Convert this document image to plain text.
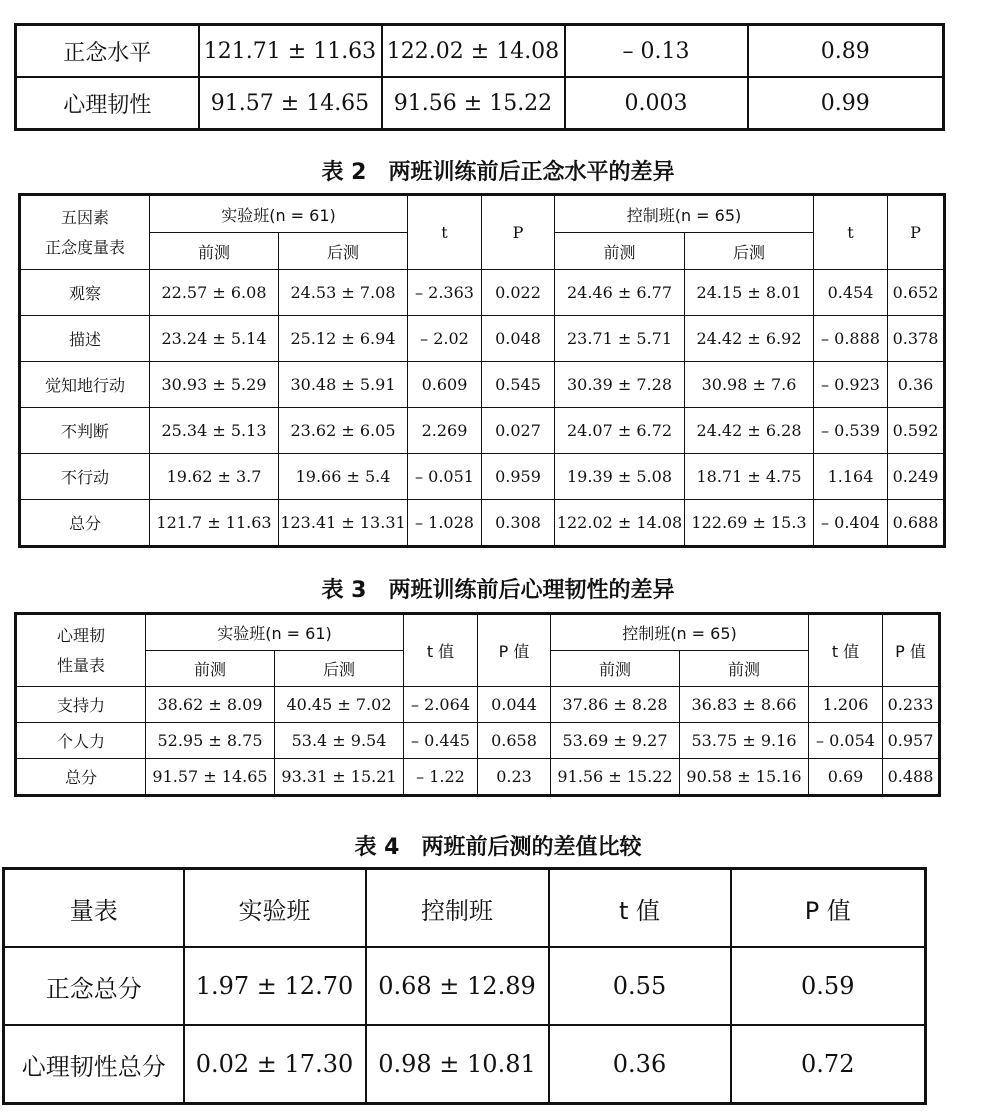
正念水平	121.71 ± 11.63	122.02 ± 14.08	– 0.13	0.89
心理韧性	91.57 ± 14.65	91.56 ± 15.22	0.003	0.99
表 2　两班训练前后正念水平的差异
五因素
正念度量表	实验班(n = 61)		t	P	控制班(n = 65)		t	P
	前测	后测			前测	后测		
观察	22.57 ± 6.08	24.53 ± 7.08	– 2.363	0.022	24.46 ± 6.77	24.15 ± 8.01	0.454	0.652
描述	23.24 ± 5.14	25.12 ± 6.94	– 2.02	0.048	23.71 ± 5.71	24.42 ± 6.92	– 0.888	0.378
觉知地行动	30.93 ± 5.29	30.48 ± 5.91	0.609	0.545	30.39 ± 7.28	30.98 ± 7.6	– 0.923	0.36
不判断	25.34 ± 5.13	23.62 ± 6.05	2.269	0.027	24.07 ± 6.72	24.42 ± 6.28	– 0.539	0.592
不行动	19.62 ± 3.7	19.66 ± 5.4	– 0.051	0.959	19.39 ± 5.08	18.71 ± 4.75	1.164	0.249
总分	121.7 ± 11.63	123.41 ± 13.31	– 1.028	0.308	122.02 ± 14.08	122.69 ± 15.3	– 0.404	0.688
表 3　两班训练前后心理韧性的差异
心理韧
性量表	实验班(n = 61)		t 值	P 值	控制班(n = 65)		t 值	P 值
	前测	后测			前测	前测		
支持力	38.62 ± 8.09	40.45 ± 7.02	– 2.064	0.044	37.86 ± 8.28	36.83 ± 8.66	1.206	0.233
个人力	52.95 ± 8.75	53.4 ± 9.54	– 0.445	0.658	53.69 ± 9.27	53.75 ± 9.16	– 0.054	0.957
总分	91.57 ± 14.65	93.31 ± 15.21	– 1.22	0.23	91.56 ± 15.22	90.58 ± 15.16	0.69	0.488
表 4　两班前后测的差值比较
量表	实验班	控制班	t 值	P 值
正念总分	1.97 ± 12.70	0.68 ± 12.89	0.55	0.59
心理韧性总分	0.02 ± 17.30	0.98 ± 10.81	0.36	0.72
